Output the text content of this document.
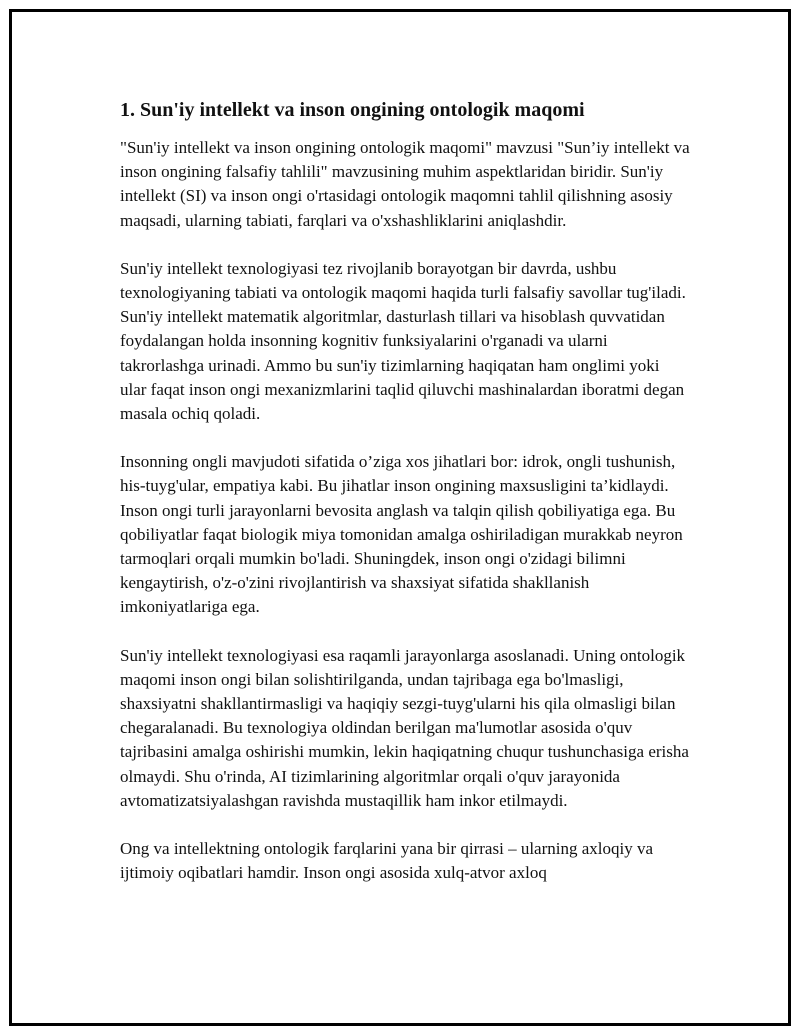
1. Sun'iy intellekt va inson ongining ontologik maqomi

"Sun'iy intellekt va inson ongining ontologik maqomi" mavzusi "Sun’iy intellekt va inson ongining falsafiy tahlili" mavzusining muhim aspektlaridan biridir. Sun'iy intellekt (SI) va inson ongi o'rtasidagi ontologik maqomni tahlil qilishning asosiy maqsadi, ularning tabiati, farqlari va o'xshashliklarini aniqlashdir.

Sun'iy intellekt texnologiyasi tez rivojlanib borayotgan bir davrda, ushbu texnologiyaning tabiati va ontologik maqomi haqida turli falsafiy savollar tug'iladi. Sun'iy intellekt matematik algoritmlar, dasturlash tillari va hisoblash quvvatidan foydalangan holda insonning kognitiv funksiyalarini o'rganadi va ularni takrorlashga urinadi. Ammo bu sun'iy tizimlarning haqiqatan ham onglimi yoki ular faqat inson ongi mexanizmlarini taqlid qiluvchi mashinalardan iboratmi degan masala ochiq qoladi.

Insonning ongli mavjudoti sifatida o’ziga xos jihatlari bor: idrok, ongli tushunish, his-tuyg'ular, empatiya kabi. Bu jihatlar inson ongining maxsusligini ta’kidlaydi. Inson ongi turli jarayonlarni bevosita anglash va talqin qilish qobiliyatiga ega. Bu qobiliyatlar faqat biologik miya tomonidan amalga oshiriladigan murakkab neyron tarmoqlari orqali mumkin bo'ladi. Shuningdek, inson ongi o'zidagi bilimni kengaytirish, o'z-o'zini rivojlantirish va shaxsiyat sifatida shakllanish imkoniyatlariga ega.

Sun'iy intellekt texnologiyasi esa raqamli jarayonlarga asoslanadi. Uning ontologik maqomi inson ongi bilan solishtirilganda, undan tajribaga ega bo'lmasligi, shaxsiyatni shakllantirmasligi va haqiqiy sezgi-tuyg'ularni his qila olmasligi bilan chegaralanadi. Bu texnologiya oldindan berilgan ma'lumotlar asosida o'quv tajribasini amalga oshirishi mumkin, lekin haqiqatning chuqur tushunchasiga erisha olmaydi. Shu o'rinda, AI tizimlarining algoritmlar orqali o'quv jarayonida avtomatizatsiyalashgan ravishda mustaqillik ham inkor etilmaydi.

Ong va intellektning ontologik farqlarini yana bir qirrasi – ularning axloqiy va ijtimoiy oqibatlari hamdir. Inson ongi asosida xulq-atvor axloq
